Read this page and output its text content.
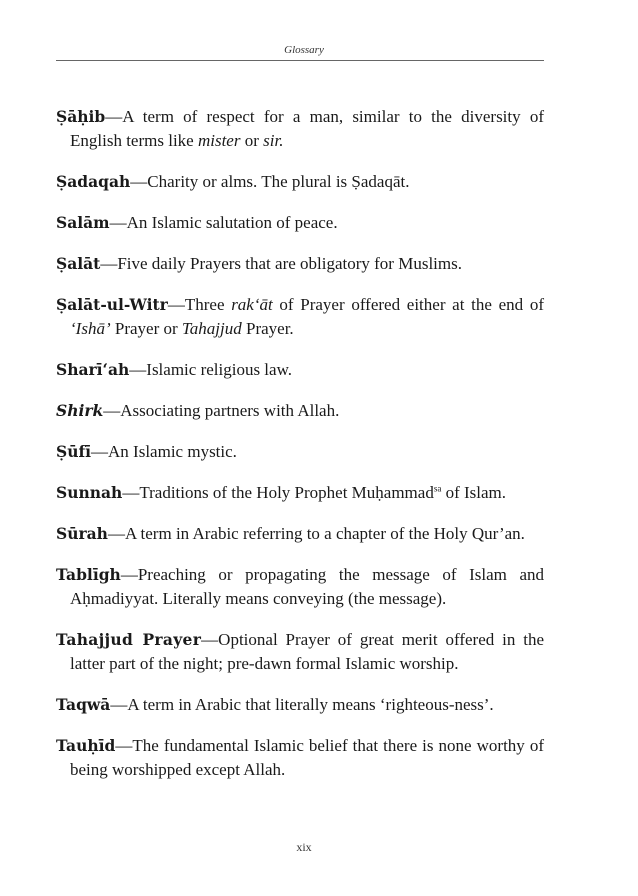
Glossary

Ṣāḥib—A term of respect for a man, similar to the diversity of English terms like mister or sir.

Ṣadaqah—Charity or alms. The plural is Ṣadaqāt.

Salām—An Islamic salutation of peace.

Ṣalāt—Five daily Prayers that are obligatory for Muslims.

Ṣalāt-ul-Witr—Three rak‘āt of Prayer offered either at the end of ‘Ishā’ Prayer or Tahajjud Prayer.

Sharī‘ah—Islamic religious law.

Shirk—Associating partners with Allah.

Ṣūfī—An Islamic mystic.

Sunnah—Traditions of the Holy Prophet Muḥammad$^{sa}$ of Islam.

Sūrah—A term in Arabic referring to a chapter of the Holy Qur’an.

Tablīgh—Preaching or propagating the message of Islam and Aḥmadiyyat. Literally means conveying (the message).

Tahajjud Prayer—Optional Prayer of great merit offered in the latter part of the night; pre-dawn formal Islamic worship.

Taqwā—A term in Arabic that literally means ‘righteous-ness’.

Tauḥīd—The fundamental Islamic belief that there is none worthy of being worshipped except Allah.

xix
